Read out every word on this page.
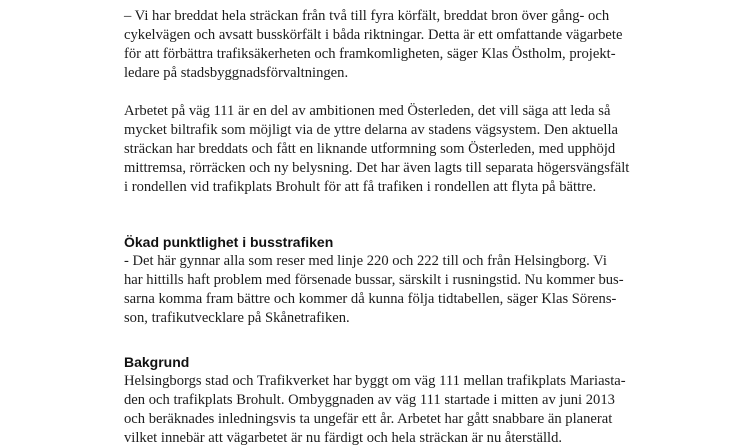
– Vi har breddat hela sträckan från två till fyra körfält, breddat bron över gång- och
cykelvägen och avsatt busskörfält i båda riktningar. Detta är ett omfattande vägarbete
för att förbättra trafiksäkerheten och framkomligheten, säger Klas Östholm, projekt-
ledare på stadsbyggnadsförvaltningen.
Arbetet på väg 111 är en del av ambitionen med Österleden, det vill säga att leda så
mycket biltrafik som möjligt via de yttre delarna av stadens vägsystem. Den aktuella
sträckan har breddats och fått en liknande utformning som Österleden, med upphöjd
mittremsa, rörräcken och ny belysning. Det har även lagts till separata högersvängsfält
i rondellen vid trafikplats Brohult för att få trafiken i rondellen att flyta på bättre.
Ökad punktlighet i busstrafiken
- Det här gynnar alla som reser med linje 220 och 222 till och från Helsingborg. Vi
har hittills haft problem med försenade bussar, särskilt i rusningstid. Nu kommer bus-
sarna komma fram bättre och kommer då kunna följa tidtabellen, säger Klas Sörens-
son, trafikutvecklare på Skånetrafiken.
Bakgrund
Helsingborgs stad och Trafikverket har byggt om väg 111 mellan trafikplats Mariasta-
den och trafikplats Brohult. Ombyggnaden av väg 111 startade i mitten av juni 2013
och beräknades inledningsvis ta ungefär ett år. Arbetet har gått snabbare än planerat
vilket innebär att vägarbetet är nu färdigt och hela sträckan är nu återställd.
